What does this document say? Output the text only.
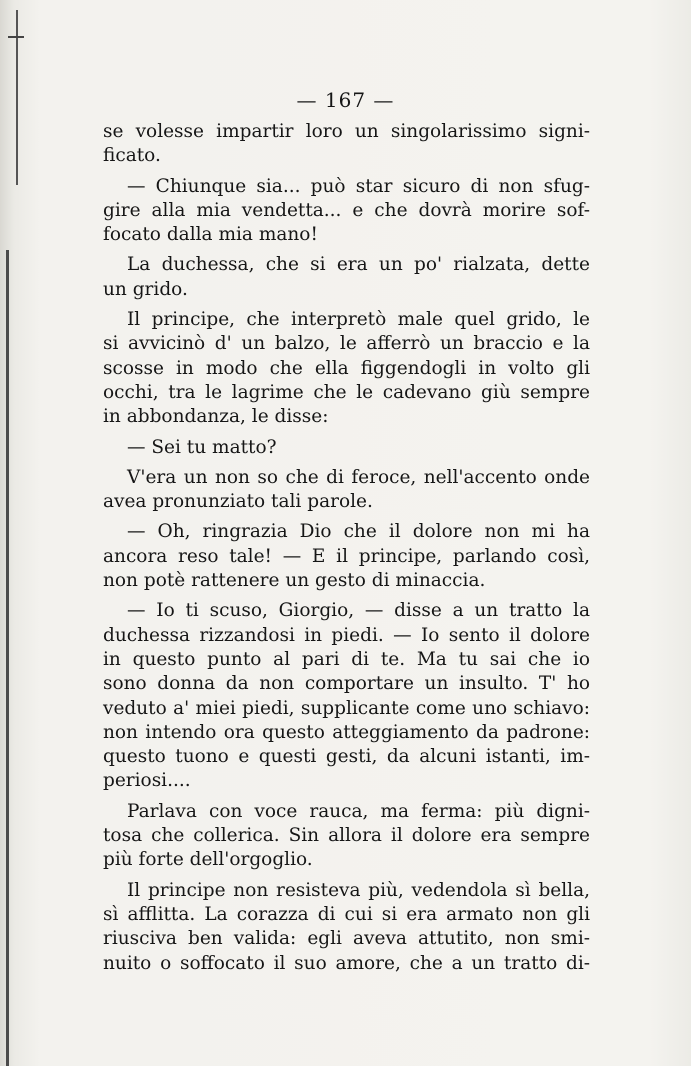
— 167 —
se volesse impartir loro un singolarissimo signi-
ficato.
— Chiunque sia... può star sicuro di non sfug-
gire alla mia vendetta... e che dovrà morire sof-
focato dalla mia mano!
La duchessa, che si era un po' rialzata, dette
un grido.
Il principe, che interpretò male quel grido, le
si avvicinò d' un balzo, le afferrò un braccio e la
scosse in modo che ella figgendogli in volto gli
occhi, tra le lagrime che le cadevano giù sempre
in abbondanza, le disse:
— Sei tu matto?
V'era un non so che di feroce, nell'accento onde
avea pronunziato tali parole.
— Oh, ringrazia Dio che il dolore non mi ha
ancora reso tale! — E il principe, parlando così,
non potè rattenere un gesto di minaccia.
— Io ti scuso, Giorgio, — disse a un tratto la
duchessa rizzandosi in piedi. — Io sento il dolore
in questo punto al pari di te. Ma tu sai che io
sono donna da non comportare un insulto. T' ho
veduto a' miei piedi, supplicante come uno schiavo:
non intendo ora questo atteggiamento da padrone:
questo tuono e questi gesti, da alcuni istanti, im-
periosi....
Parlava con voce rauca, ma ferma: più digni-
tosa che collerica. Sin allora il dolore era sempre
più forte dell'orgoglio.
Il principe non resisteva più, vedendola sì bella,
sì afflitta. La corazza di cui si era armato non gli
riusciva ben valida: egli aveva attutito, non smi-
nuito o soffocato il suo amore, che a un tratto di-
